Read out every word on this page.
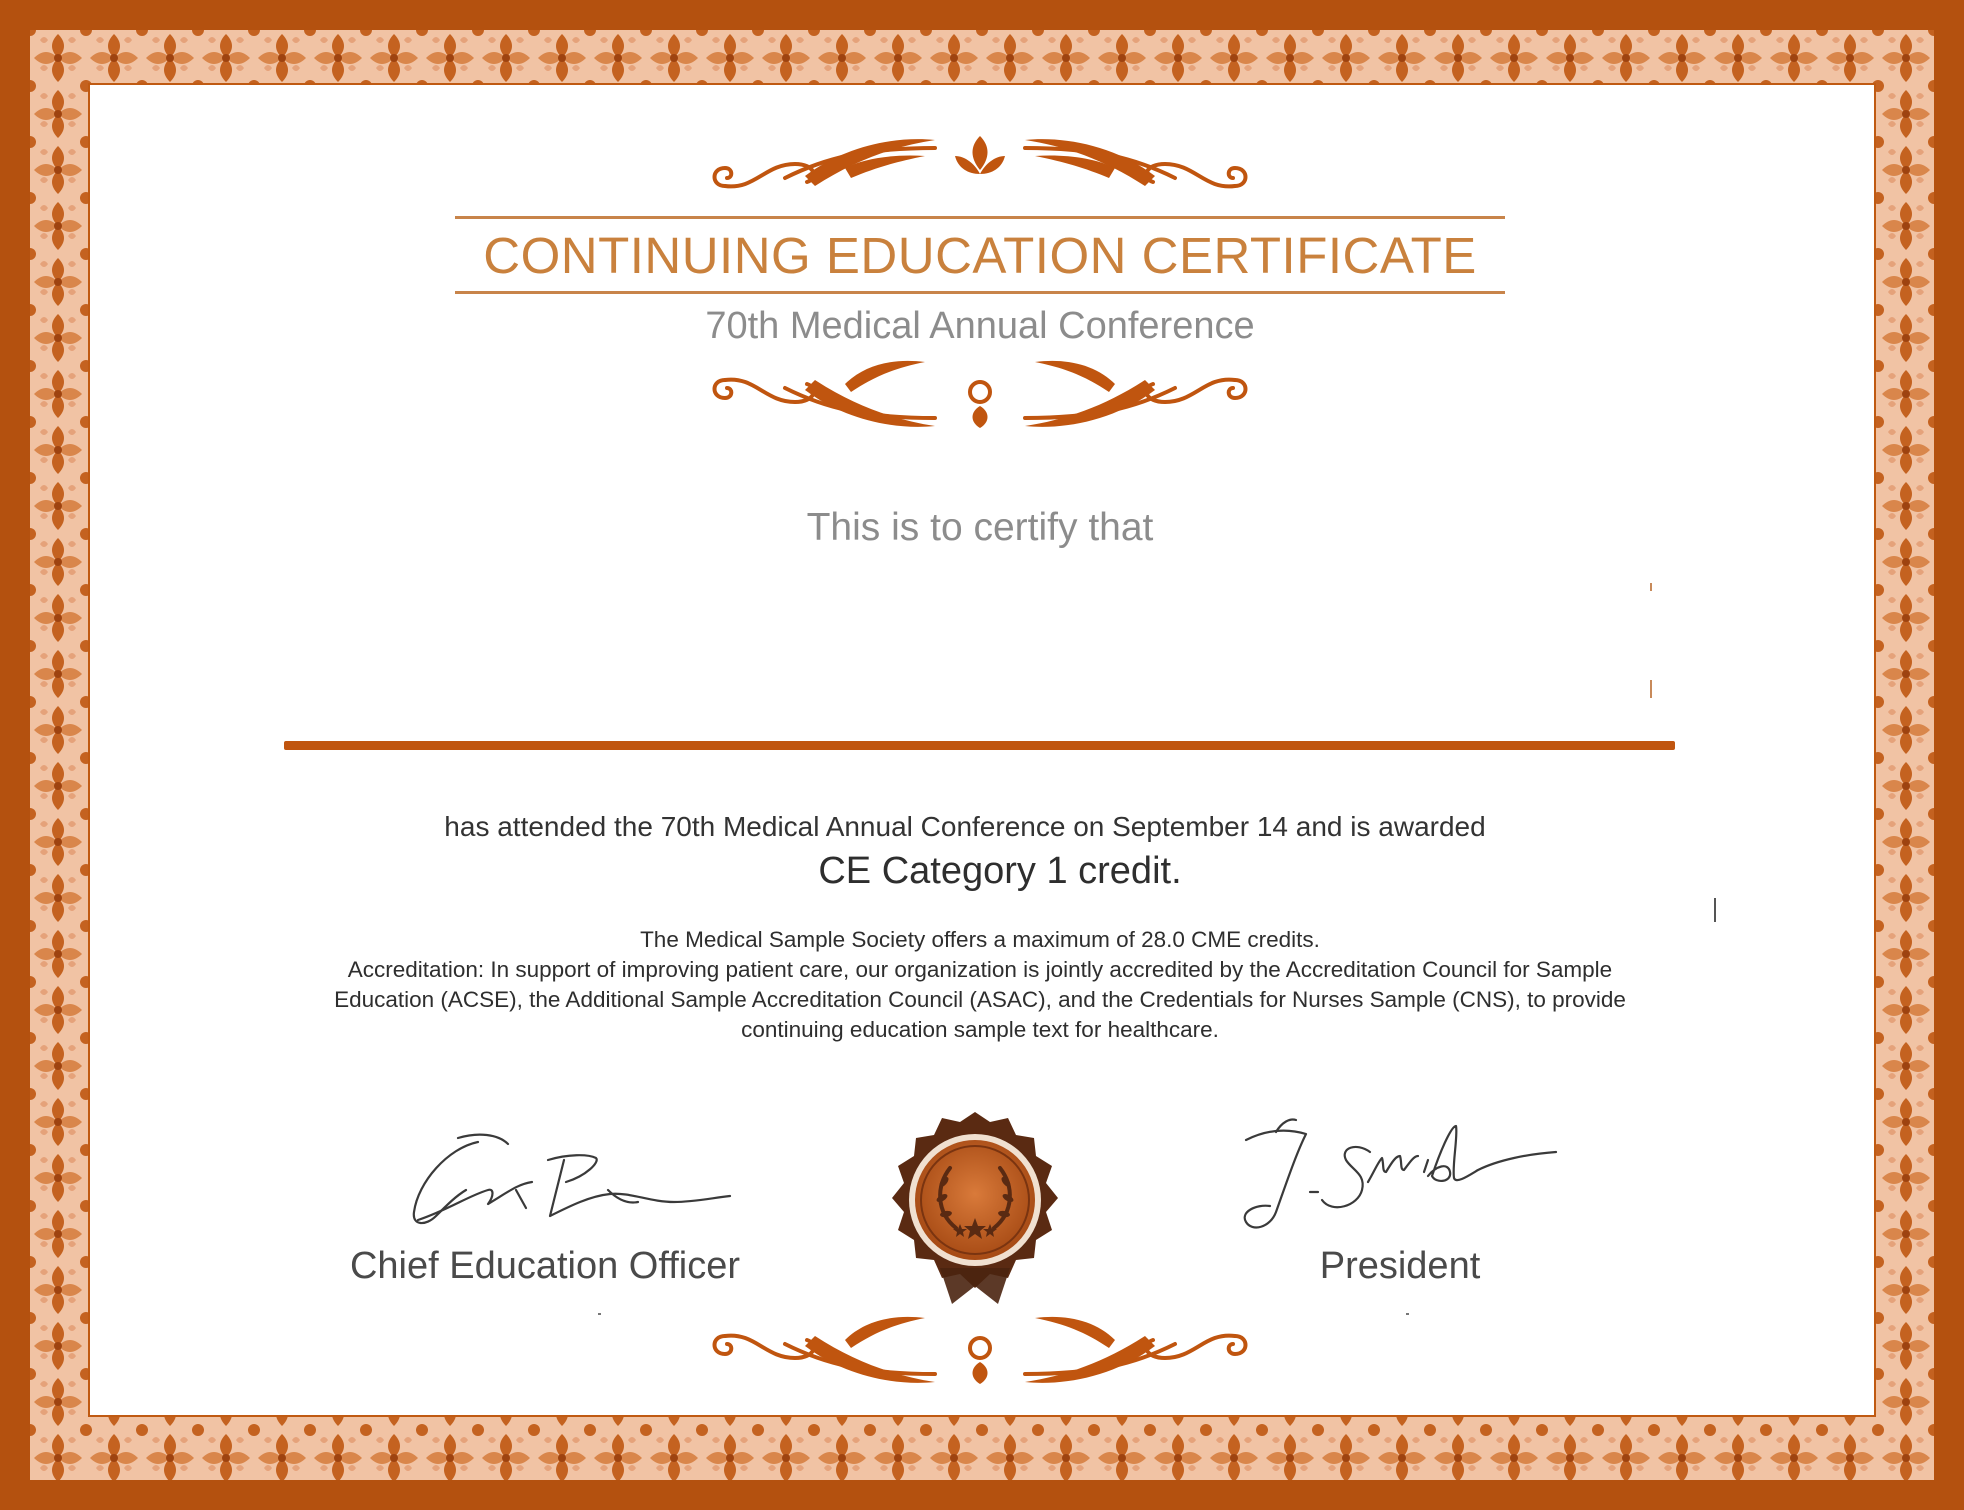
CONTINUING EDUCATION CERTIFICATE
70th Medical Annual Conference
This is to certify that
has attended the 70th Medical Annual Conference on September 14 and is awarded
CE Category 1 credit.
The Medical Sample Society offers a maximum of 28.0 CME credits.
Accreditation: In support of improving patient care, our organization is jointly accredited by the Accreditation Council for Sample
Education (ACSE), the Additional Sample Accreditation Council (ASAC), and the Credentials for Nurses Sample (CNS), to provide
continuing education sample text for healthcare.
Chief Education Officer	President
